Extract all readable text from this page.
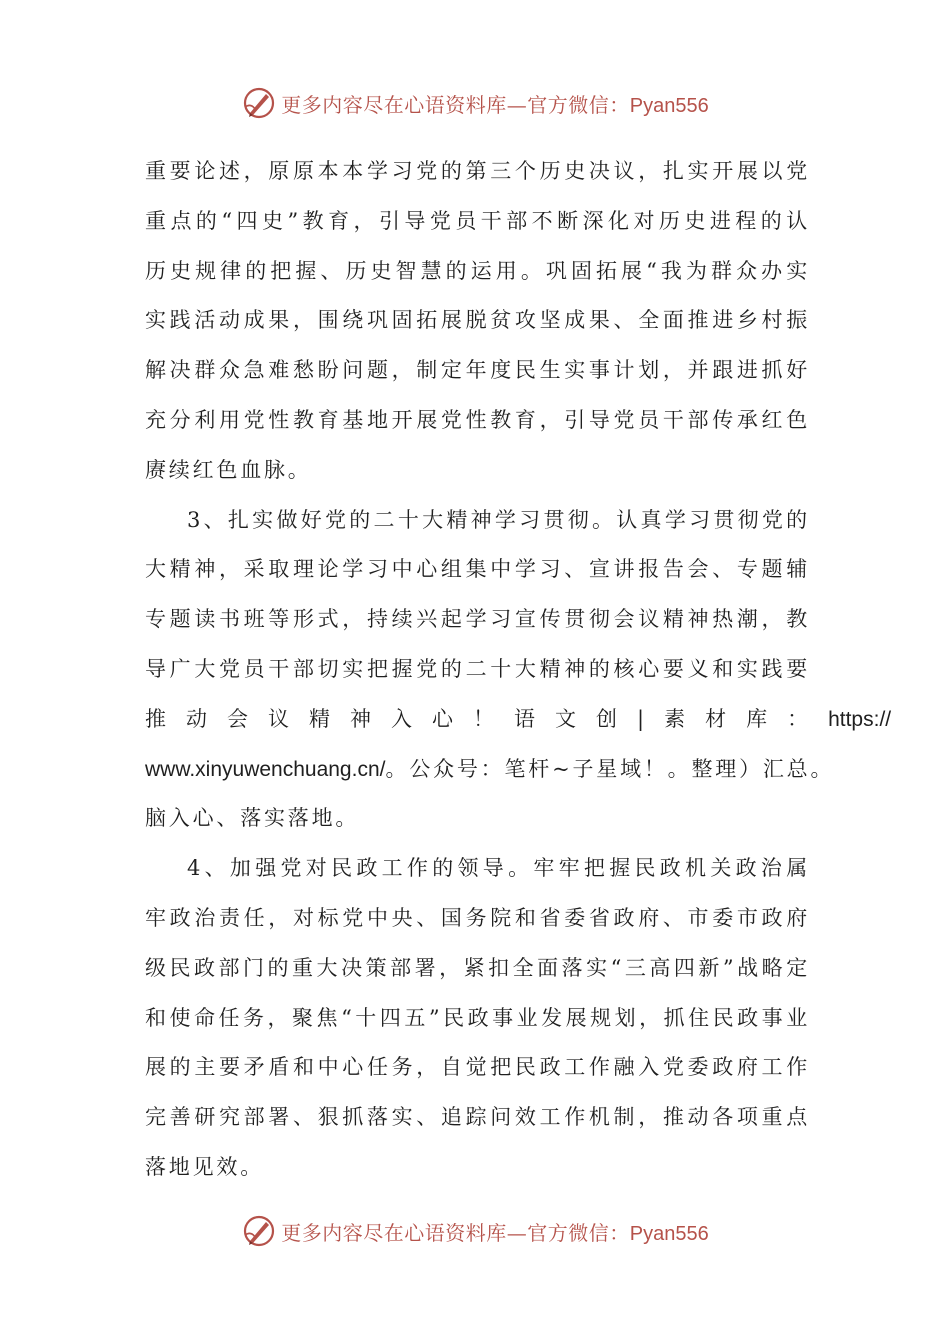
更多内容尽在心语资料库—官方微信：Pyan556
重要论述，原原本本学习党的第三个历史决议，扎实开展以党
重点的“四史”教育，引导党员干部不断深化对历史进程的认
历史规律的把握、历史智慧的运用。巩固拓展“我为群众办实
实践活动成果，围绕巩固拓展脱贫攻坚成果、全面推进乡村振
解决群众急难愁盼问题，制定年度民生实事计划，并跟进抓好
充分利用党性教育基地开展党性教育，引导党员干部传承红色
赓续红色血脉。
3、扎实做好党的二十大精神学习贯彻。认真学习贯彻党的
大精神，采取理论学习中心组集中学习、宣讲报告会、专题辅
专题读书班等形式，持续兴起学习宣传贯彻会议精神热潮，教
导广大党员干部切实把握党的二十大精神的核心要义和实践要
推动会议精神入心！语文创|素材库： https://
www.xinyuwenchuang.cn/。公众号：笔杆~子星域！。整理）汇总。
脑入心、落实落地。
4、加强党对民政工作的领导。牢牢把握民政机关政治属
牢政治责任，对标党中央、国务院和省委省政府、市委市政府
级民政部门的重大决策部署，紧扣全面落实“三高四新”战略定
和使命任务，聚焦“十四五”民政事业发展规划，抓住民政事业
展的主要矛盾和中心任务，自觉把民政工作融入党委政府工作
完善研究部署、狠抓落实、追踪问效工作机制，推动各项重点
落地见效。
更多内容尽在心语资料库—官方微信：Pyan556
